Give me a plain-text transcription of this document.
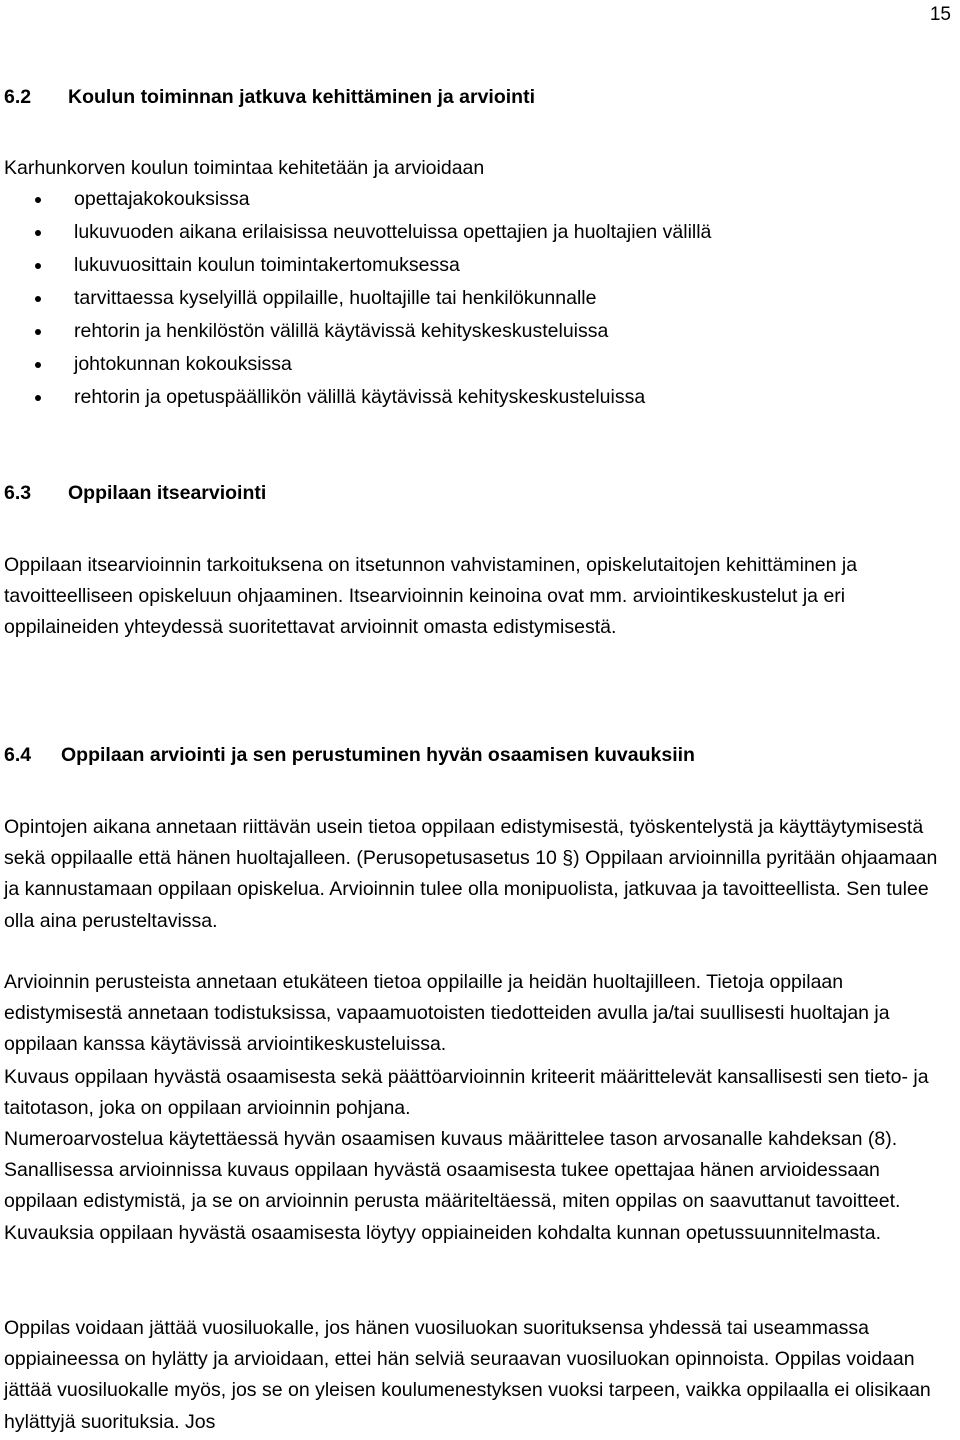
15
6.2 Koulun toiminnan jatkuva kehittäminen ja arviointi
Karhunkorven koulun toimintaa kehitetään ja arvioidaan
opettajakokouksissa
lukuvuoden aikana erilaisissa neuvotteluissa opettajien ja huoltajien välillä
lukuvuosittain koulun toimintakertomuksessa
tarvittaessa kyselyillä oppilaille, huoltajille tai henkilökunnalle
rehtorin ja henkilöstön välillä käytävissä kehityskeskusteluissa
johtokunnan kokouksissa
rehtorin ja opetuspäällikön välillä käytävissä kehityskeskusteluissa
6.3 Oppilaan itsearviointi
Oppilaan itsearvioinnin tarkoituksena on itsetunnon vahvistaminen, opiskelutaitojen kehittäminen ja tavoitteelliseen opiskeluun ohjaaminen. Itsearvioinnin keinoina ovat mm. arviointikeskustelut ja eri oppilaineiden yhteydessä suoritettavat arvioinnit omasta edistymisestä.
6.4 Oppilaan arviointi ja sen perustuminen hyvän osaamisen kuvauksiin
Opintojen aikana annetaan riittävän usein tietoa oppilaan edistymisestä, työskentelystä ja käyttäytymisestä sekä oppilaalle että hänen huoltajalleen. (Perusopetusasetus 10 §) Oppilaan arvioinnilla pyritään ohjaamaan ja kannustamaan oppilaan opiskelua. Arvioinnin tulee olla monipuolista, jatkuvaa ja tavoitteellista. Sen tulee olla aina perusteltavissa.
Arvioinnin perusteista annetaan etukäteen tietoa oppilaille ja heidän huoltajilleen. Tietoja oppilaan edistymisestä annetaan todistuksissa, vapaamuotoisten tiedotteiden avulla ja/tai suullisesti huoltajan ja oppilaan kanssa käytävissä arviointikeskusteluissa.
Kuvaus oppilaan hyvästä osaamisesta sekä päättöarvioinnin kriteerit määrittelevät kansallisesti sen tieto- ja taitotason, joka on oppilaan arvioinnin pohjana.
Numeroarvostelua käytettäessä hyvän osaamisen kuvaus määrittelee tason arvosanalle kahdeksan (8). Sanallisessa arvioinnissa kuvaus oppilaan hyvästä osaamisesta tukee opettajaa hänen arvioidessaan oppilaan edistymistä, ja se on arvioinnin perusta määriteltäessä, miten oppilas on saavuttanut tavoitteet. Kuvauksia oppilaan hyvästä osaamisesta löytyy oppiaineiden kohdalta kunnan opetussuunnitelmasta.
Oppilas voidaan jättää vuosiluokalle, jos hänen vuosiluokan suorituksensa yhdessä tai useammassa oppiaineessa on hylätty ja arvioidaan, ettei hän selviä seuraavan vuosiluokan opinnoista. Oppilas voidaan jättää vuosiluokalle myös, jos se on yleisen koulumenestyksen vuoksi tarpeen, vaikka oppilaalla ei olisikaan hylättyjä suorituksia. Jos
